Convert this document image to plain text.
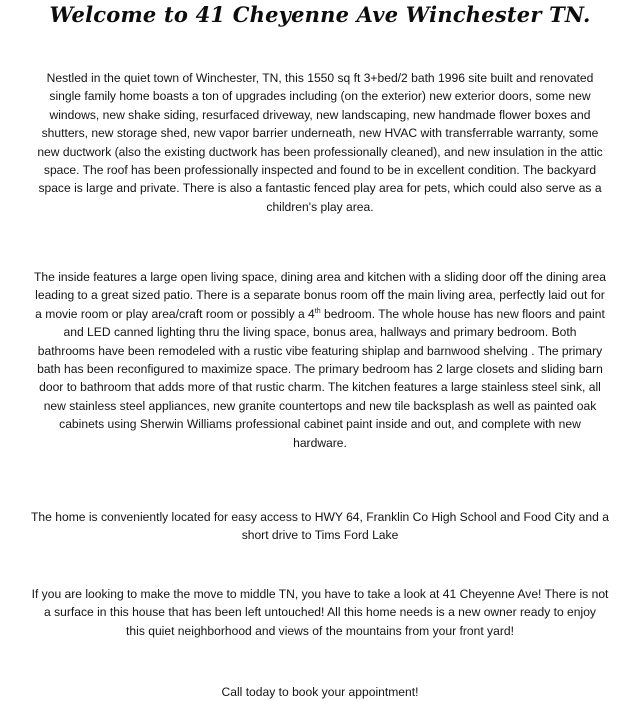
Welcome to 41 Cheyenne Ave Winchester TN.
Nestled in the quiet town of Winchester, TN, this 1550 sq ft 3+bed/2 bath 1996 site built and renovated
single family home boasts a ton of upgrades including (on the exterior) new exterior doors, some new
windows, new shake siding, resurfaced driveway, new landscaping, new handmade flower boxes and
shutters, new storage shed, new vapor barrier underneath, new HVAC with transferrable warranty, some
new ductwork (also the existing ductwork has been professionally cleaned), and new insulation in the attic
space. The roof has been professionally inspected and found to be in excellent condition. The backyard
space is large and private. There is also a fantastic fenced play area for pets, which could also serve as a
children's play area.
The inside features a large open living space, dining area and kitchen with a sliding door off the dining area
leading to a great sized patio. There is a separate bonus room off the main living area, perfectly laid out for
a movie room or play area/craft room or possibly a 4th bedroom. The whole house has new floors and paint
and LED canned lighting thru the living space, bonus area, hallways and primary bedroom. Both
bathrooms have been remodeled with a rustic vibe featuring shiplap and barnwood shelving . The primary
bath has been reconfigured to maximize space. The primary bedroom has 2 large closets and sliding barn
door to bathroom that adds more of that rustic charm. The kitchen features a large stainless steel sink, all
new stainless steel appliances, new granite countertops and new tile backsplash as well as painted oak
cabinets using Sherwin Williams professional cabinet paint inside and out, and complete with new
hardware.
The home is conveniently located for easy access to HWY 64, Franklin Co High School and Food City and a
short drive to Tims Ford Lake
If you are looking to make the move to middle TN, you have to take a look at 41 Cheyenne Ave! There is not
a surface in this house that has been left untouched! All this home needs is a new owner ready to enjoy
this quiet neighborhood and views of the mountains from your front yard!
Call today to book your appointment!
